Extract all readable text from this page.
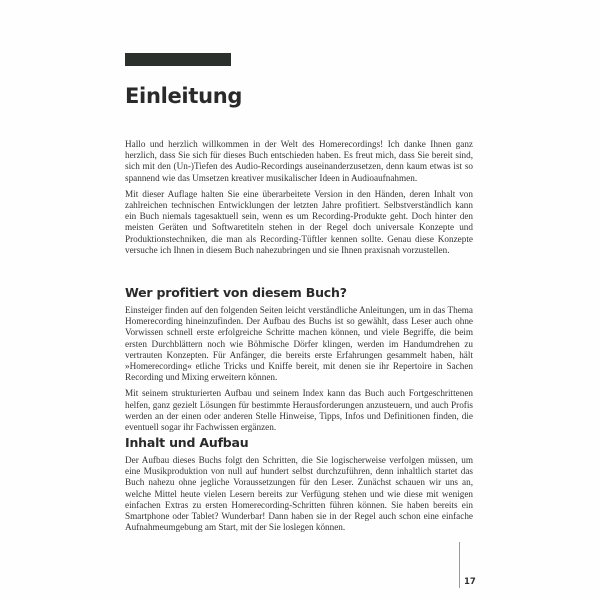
Einleitung

Hallo und herzlich willkommen in der Welt des Homerecordings! Ich danke Ihnen ganz herzlich, dass Sie sich für dieses Buch entschieden haben. Es freut mich, dass Sie bereit sind, sich mit den (Un-)Tiefen des Audio-Recordings auseinanderzusetzen, denn kaum etwas ist so spannend wie das Umsetzen kreativer musikalischer Ideen in Audioaufnahmen.

Mit dieser Auflage halten Sie eine überarbeitete Version in den Händen, deren Inhalt von zahlreichen technischen Entwicklungen der letzten Jahre profitiert. Selbstverständlich kann ein Buch niemals tagesaktuell sein, wenn es um Recording-Produkte geht. Doch hinter den meisten Geräten und Softwaretiteln stehen in der Regel doch universale Konzepte und Produktionstechniken, die man als Recording-Tüftler kennen sollte. Genau diese Konzepte versuche ich Ihnen in diesem Buch nahezubringen und sie Ihnen praxisnah vorzustellen.

Wer profitiert von diesem Buch?

Einsteiger finden auf den folgenden Seiten leicht verständliche Anleitungen, um in das Thema Homerecording hineinzufinden. Der Aufbau des Buchs ist so gewählt, dass Leser auch ohne Vorwissen schnell erste erfolgreiche Schritte machen können, und viele Begriffe, die beim ersten Durchblättern noch wie Böhmische Dörfer klingen, werden im Handumdrehen zu vertrauten Konzepten. Für Anfänger, die bereits erste Erfahrungen gesammelt haben, hält »Homerecording« etliche Tricks und Kniffe bereit, mit denen sie ihr Repertoire in Sachen Recording und Mixing erweitern können.

Mit seinem strukturierten Aufbau und seinem Index kann das Buch auch Fortgeschrittenen helfen, ganz gezielt Lösungen für bestimmte Herausforderungen anzusteuern, und auch Profis werden an der einen oder anderen Stelle Hinweise, Tipps, Infos und Definitionen finden, die eventuell sogar ihr Fachwissen ergänzen.

Inhalt und Aufbau

Der Aufbau dieses Buchs folgt den Schritten, die Sie logischerweise verfolgen müssen, um eine Musikproduktion von null auf hundert selbst durchzuführen, denn inhaltlich startet das Buch nahezu ohne jegliche Voraussetzungen für den Leser. Zunächst schauen wir uns an, welche Mittel heute vielen Lesern bereits zur Verfügung stehen und wie diese mit wenigen einfachen Extras zu ersten Homerecording-Schritten führen können. Sie haben bereits ein Smartphone oder Tablet? Wunderbar! Dann haben sie in der Regel auch schon eine einfache Aufnahmeumgebung am Start, mit der Sie loslegen können.

17
